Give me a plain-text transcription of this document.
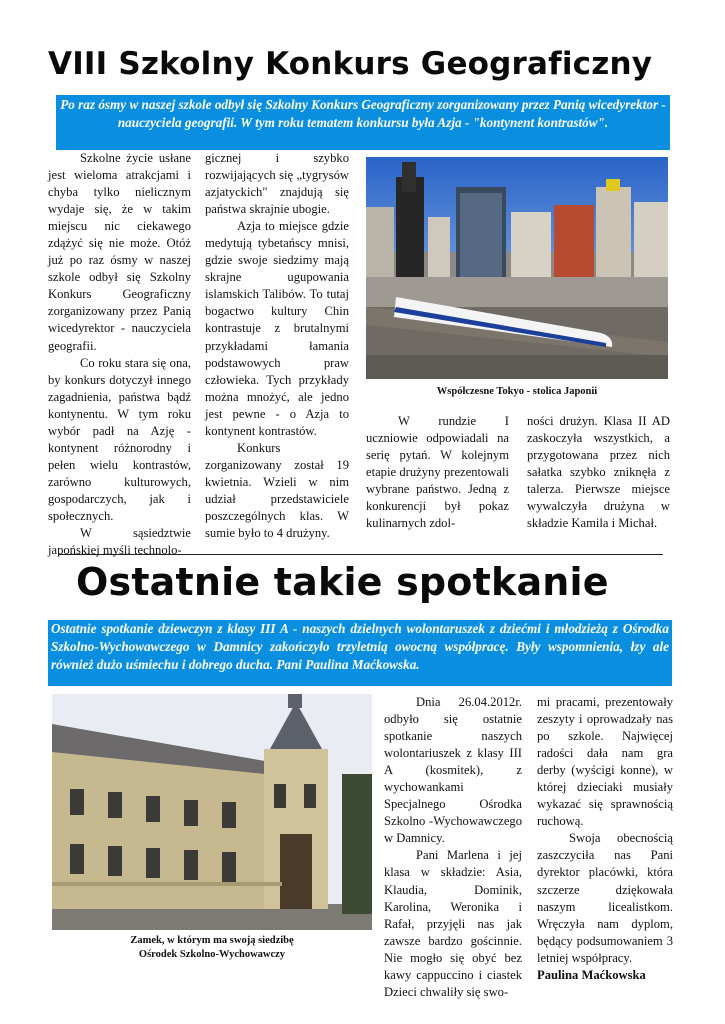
VIII Szkolny Konkurs Geograficzny
Po raz ósmy w naszej szkole odbył się Szkolny Konkurs Geograficzny zorganizowany przez Panią wicedyrektor - nauczyciela geografii. W tym roku tematem konkursu była Azja - "kontynent kontrastów".

Szkolne życie usłane jest wieloma atrakcjami i chyba tylko nielicznym wydaje się, że w takim miejscu nic ciekawego zdążyć się nie może. Otóż już po raz ósmy w naszej szkole odbył się Szkolny Konkurs Geograficzny zorganizowany przez Panią wicedyrektor - nauczyciela geografii.

Co roku stara się ona, by konkurs dotyczył innego zagadnienia, państwa bądź kontynentu. W tym roku wybór padł na Azję - kontynent różnorodny i pełen wielu kontrastów, zarówno kulturowych, gospodarczych, jak i społecznych.

W sąsiedztwie japońskiej myśli technolo-

gicznej i szybko rozwijających się „tygrysów azjatyckich" znajdują się państwa skrajnie ubogie.

Azja to miejsce gdzie medytują tybetańscy mnisi, gdzie swoje siedzimy mają skrajne ugupowania islamskich Talibów. To tutaj bogactwo kultury Chin kontrastuje z brutalnymi przykładami łamania podstawowych praw człowieka. Tych przykłady można mnożyć, ale jedno jest pewne - o Azja to kontynent kontrastów.

Konkurs zorganizowany został 19 kwietnia. Wzieli w nim udział przedstawiciele poszczególnych klas. W sumie było to 4 drużyny.

Współczesne Tokyo - stolica Japonii

W rundzie I uczniowie odpowiadali na serię pytań. W kolejnym etapie drużyny prezentowali wybrane państwo. Jedną z konkurencji był pokaz kulinarnych zdol-

ności drużyn. Klasa II AD zaskoczyła wszystkich, a przygotowana przez nich sałatka szybko zniknęła z talerza. Pierwsze miejsce wywalczyła drużyna w składzie Kamila i Michał.

Ostatnie takie spotkanie
Ostatnie spotkanie dziewczyn z klasy III A - naszych dzielnych wolontaruszek z dziećmi i młodzieżą z Ośrodka Szkolno-Wychowawczego w Damnicy zakończyło trzyletnią owocną współpracę. Były wspomnienia, łzy ale również dużo uśmiechu i dobrego ducha. Pani Paulina Maćkowska.
Zamek, w którym ma swoją siedzibę
Ośrodek Szkolno-Wychowawczy

Dnia 26.04.2012r. odbyło się ostatnie spotkanie naszych wolontariuszek z klasy III A (kosmitek), z wychowankami Specjalnego Ośrodka Szkolno -Wychowawczego w Damnicy.

Pani Marlena i jej klasa w składzie: Asia, Klaudia, Dominik, Karolina, Weronika i Rafał, przyjęli nas jak zawsze bardzo gościnnie. Nie mogło się obyć bez kawy cappuccino i ciastek Dzieci chwaliły się swo-

mi pracami, prezentowały zeszyty i oprowadzały nas po szkole. Najwięcej radości dała nam gra derby (wyścigi konne), w której dzieciaki musiały wykazać się sprawnością ruchową.

Swoja obecnością zaszczyciła nas Pani dyrektor placówki, która szczerze dziękowała naszym licealistkom. Wręczyła nam dyplom, będący podsumowaniem 3 letniej współpracy.

Paulina Maćkowska
